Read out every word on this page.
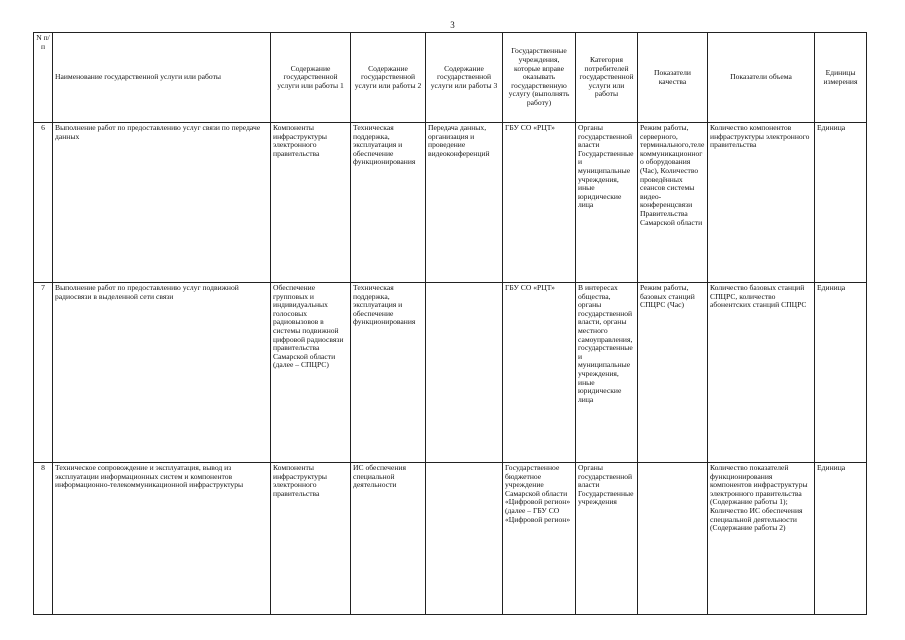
3
N п/п	Наименование государственной услуги или работы	Содержание государственной услуги или работы 1	Содержание государственной услуги или работы 2	Содержание государственной услуги или работы 3	Государственные учреждения, которые вправе оказывать государственную услугу (выполнять работу)	Категория потребителей государственной услуги или работы	Показатели качества	Показатели объема	Единицы измерения
6	Выполнение работ по предоставлению услуг связи по передаче данных	Компоненты инфраструктуры электронного правительства	Техническая поддержка, эксплуатация и обеспечение функционирования	Передача данных, организация и проведение видеоконференций	ГБУ СО «РЦТ»	Органы государственной власти Государственные и муниципальные учреждения, иные юридические лица	Режим работы, серверного, терминального,телекоммуникационного оборудования (Час), Количество проведённых сеансов системы видео-конференцсвязи Правительства Самарской области	Количество компонентов инфраструктуры электронного правительства	Единица
7	Выполнение работ по предоставлению услуг подвижной радиосвязи в выделенной сети связи	Обеспечение групповых и индивидуальных голосовых радиовызовов в системы подвижной цифровой радиосвязи правительства Самарской области (далее – СПЦРС)	Техническая поддержка, эксплуатация и обеспечение функционирования		ГБУ СО «РЦТ»	В интересах общества, органы государственной власти, органы местного самоуправления, государственные и муниципальные учреждения, иные юридические лица	Режим работы, базовых станций СПЦРС (Час)	Количество базовых станций СПЦРС, количество абонентских станций СПЦРС	Единица
8	Техническое сопровождение и эксплуатация, вывод из эксплуатации информационных систем и компонентов информационно-телекоммуникационной инфраструктуры	Компоненты инфраструктуры электронного правительства	ИС обеспечения специальной деятельности		Государственное бюджетное учреждение Самарской области «Цифровой регион» (далее – ГБУ СО «Цифровой регион»	Органы государственной власти Государственные учреждения		Количество показателей функционирования компонентов инфраструктуры электронного правительства (Содержание работы 1); Количество ИС обеспечения специальной деятельности (Содержание работы 2)	Единица
